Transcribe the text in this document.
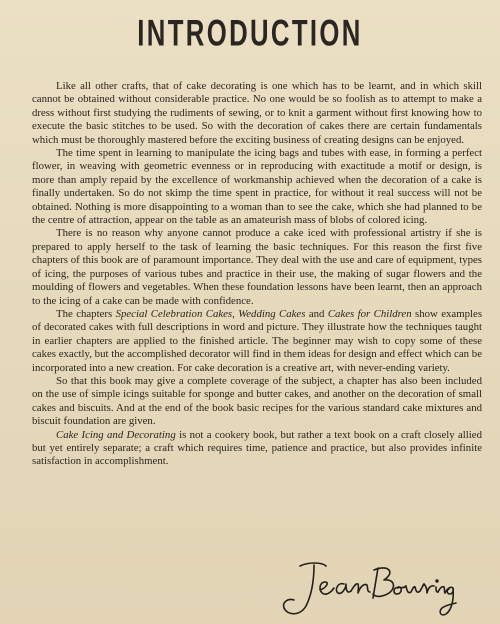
INTRODUCTION

Like all other crafts, that of cake decorating is one which has to be learnt, and in which skill cannot be obtained without considerable practice. No one would be so foolish as to attempt to make a dress without first studying the rudiments of sewing, or to knit a garment without first knowing how to execute the basic stitches to be used. So with the decoration of cakes there are certain fundamentals which must be thoroughly mastered before the exciting business of creating designs can be enjoyed.

The time spent in learning to manipulate the icing bags and tubes with ease, in forming a perfect flower, in weaving with geometric evenness or in reproducing with exactitude a motif or design, is more than amply repaid by the excellence of workmanship achieved when the decoration of a cake is finally undertaken. So do not skimp the time spent in practice, for without it real success will not be obtained. Nothing is more disappointing to a woman than to see the cake, which she had planned to be the centre of attraction, appear on the table as an amateurish mass of blobs of colored icing.

There is no reason why anyone cannot produce a cake iced with professional artistry if she is prepared to apply herself to the task of learning the basic techniques. For this reason the first five chapters of this book are of paramount importance. They deal with the use and care of equipment, types of icing, the purposes of various tubes and practice in their use, the making of sugar flowers and the moulding of flowers and vegetables. When these foundation lessons have been learnt, then an approach to the icing of a cake can be made with confidence.

The chapters Special Celebration Cakes, Wedding Cakes and Cakes for Children show examples of decorated cakes with full descriptions in word and picture. They illustrate how the techniques taught in earlier chapters are applied to the finished article. The beginner may wish to copy some of these cakes exactly, but the accomplished decorator will find in them ideas for design and effect which can be incorporated into a new creation. For cake decoration is a creative art, with never-ending variety.

So that this book may give a complete coverage of the subject, a chapter has also been included on the use of simple icings suitable for sponge and butter cakes, and another on the decoration of small cakes and biscuits. And at the end of the book basic recipes for the various standard cake mixtures and biscuit foundation are given.

Cake Icing and Decorating is not a cookery book, but rather a text book on a craft closely allied but yet entirely separate; a craft which requires time, patience and practice, but also provides infinite satisfaction in accomplishment.
